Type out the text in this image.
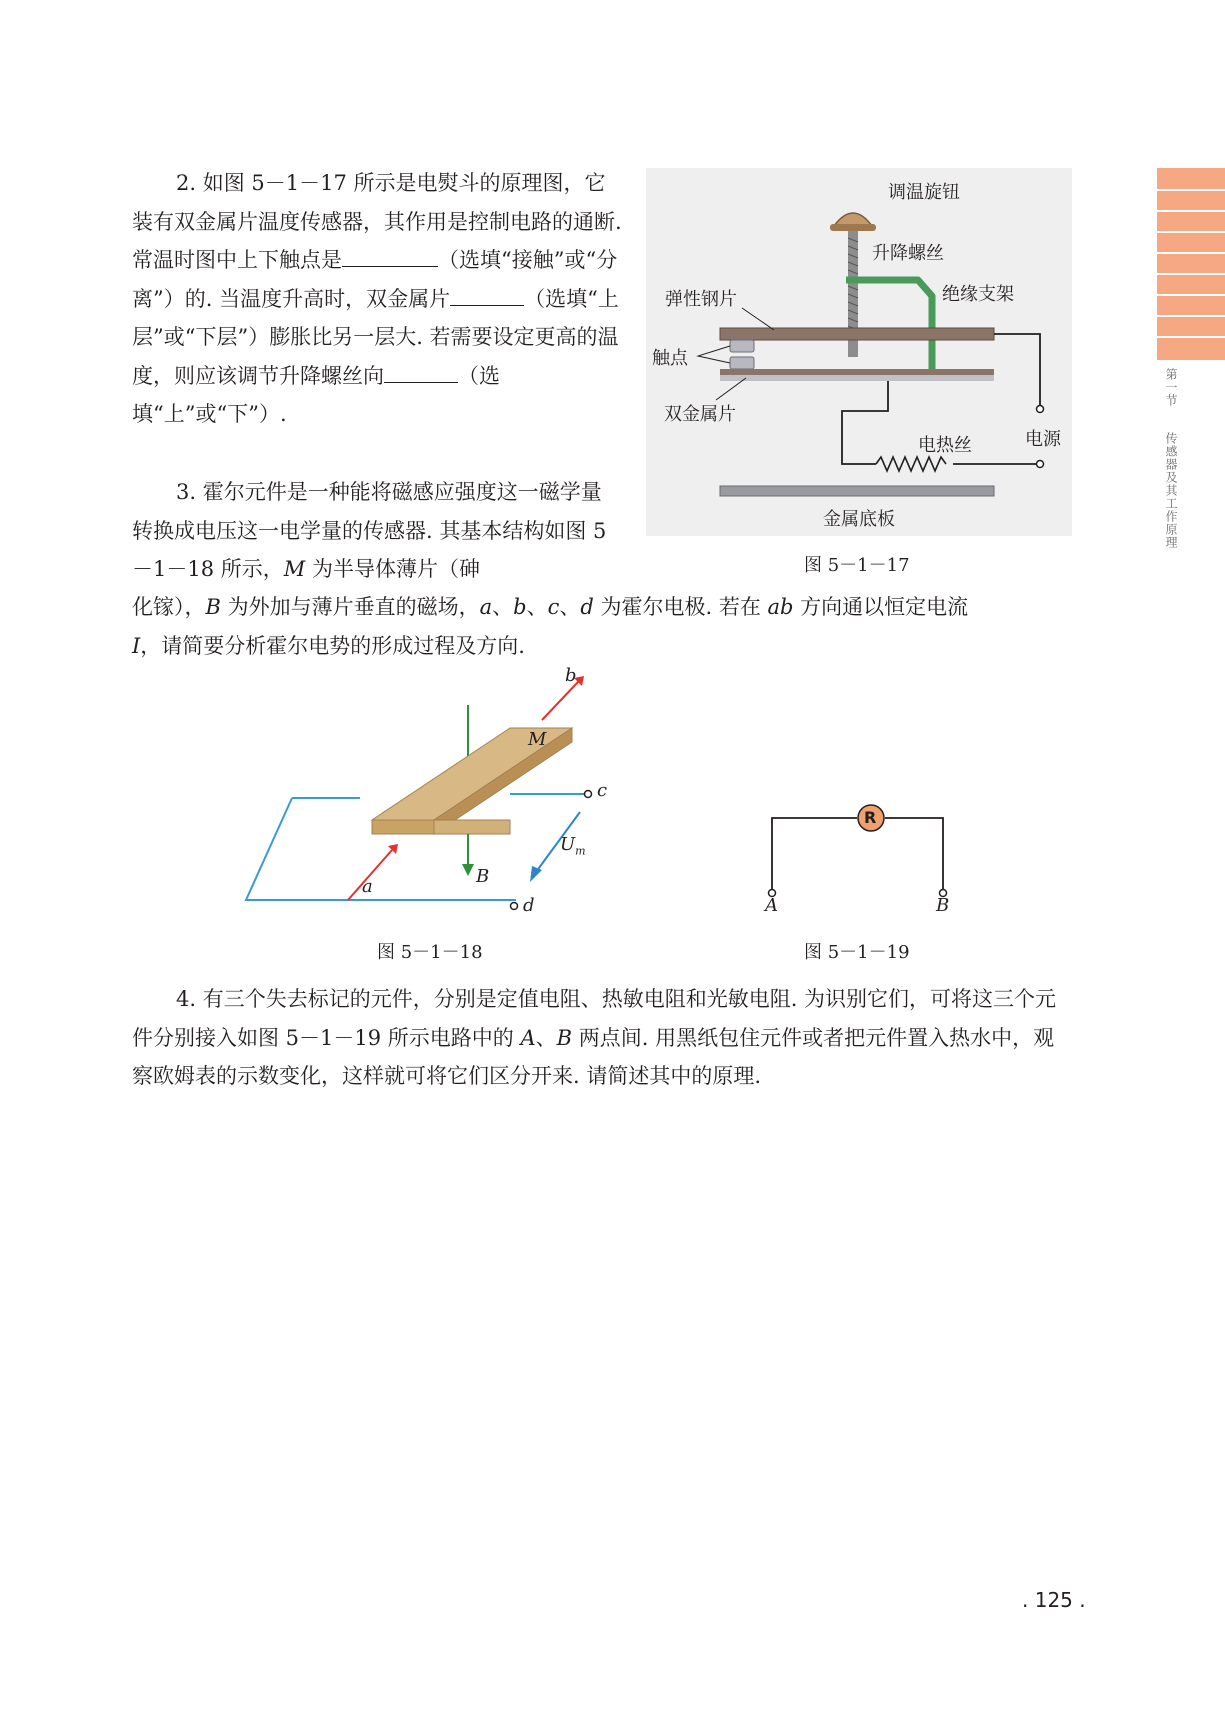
第一节 传感器及其工作原理

2. 如图 5－1－17 所示是电熨斗的原理图，它装有双金属片温度传感器，其作用是控制电路的通断. 常温时图中上下触点是	（选填“接触”或“分离”）的. 当温度升高时，双金属片	（选填“上层”或“下层”）膨胀比另一层大. 若需要设定更高的温度，则应该调节升降螺丝向	（选填“上”或“下”）.

3. 霍尔元件是一种能将磁感应强度这一磁学量转换成电压这一电学量的传感器. 其基本结构如图 5－1－18 所示，M 为半导体薄片（砷

化镓），B 为外加与薄片垂直的磁场，a、b、c、d 为霍尔电极. 若在 ab 方向通以恒定电流
I，请简要分析霍尔电势的形成过程及方向.

调温旋钮
升降螺丝
绝缘支架
弹性钢片
触点
双金属片
电热丝	电源
金属底板
图 5－1－17
b
M
c
$U_m$
B
a
d
图 5－1－18
R
A	B
图 5－1－19

4. 有三个失去标记的元件，分别是定值电阻、热敏电阻和光敏电阻. 为识别它们，可将这三个元件分别接入如图 5－1－19 所示电路中的 A、B 两点间. 用黑纸包住元件或者把元件置入热水中，观察欧姆表的示数变化，这样就可将它们区分开来. 请简述其中的原理.

. 125 .
